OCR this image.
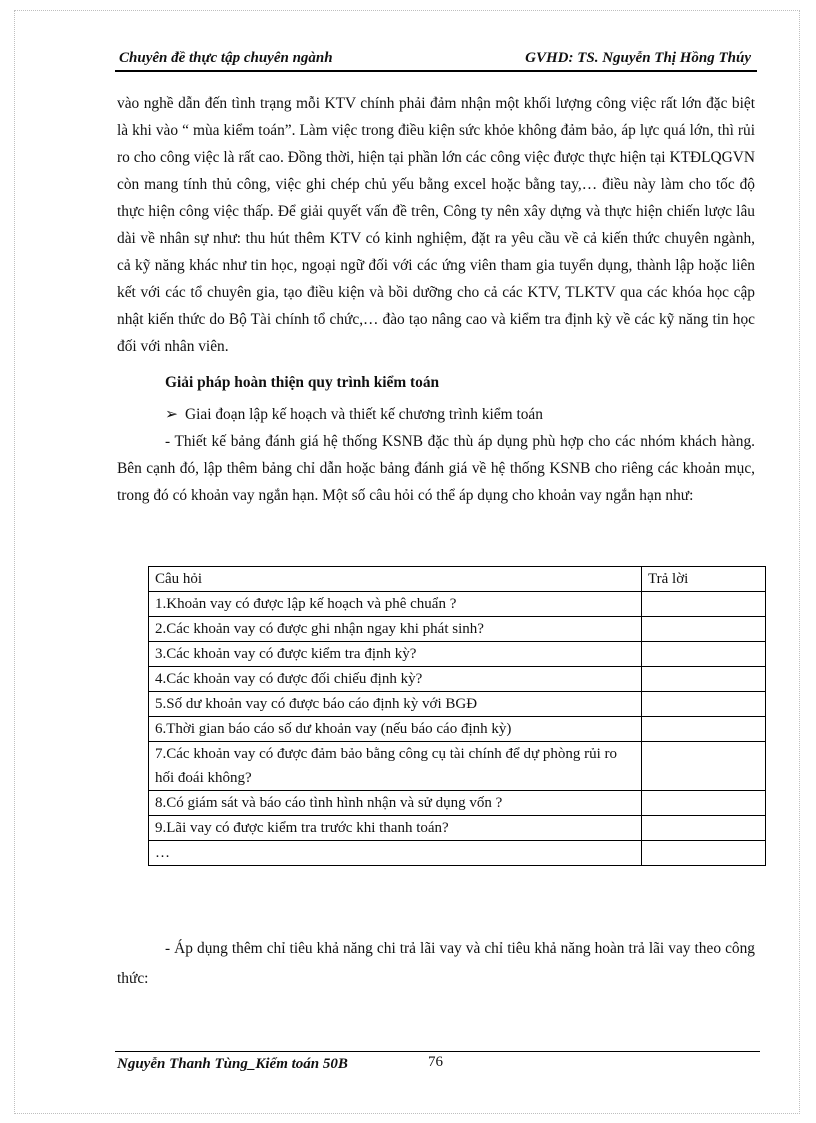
Chuyên đề thực tập chuyên ngành	GVHD: TS. Nguyễn Thị Hồng Thúy

vào nghề dẫn đến tình trạng mỗi KTV chính phải đảm nhận một khối lượng công việc rất lớn đặc biệt là khi vào “ mùa kiểm toán”. Làm việc trong điều kiện sức khỏe không đảm bảo, áp lực quá lớn, thì rủi ro cho công việc là rất cao. Đồng thời, hiện tại phần lớn các công việc được thực hiện tại KTĐLQGVN còn mang tính thủ công, việc ghi chép chủ yếu bằng excel hoặc bằng tay,… điều này làm cho tốc độ thực hiện công việc thấp. Để giải quyết vấn đề trên, Công ty nên xây dựng và thực hiện chiến lược lâu dài về nhân sự như: thu hút thêm KTV có kinh nghiệm, đặt ra yêu cầu về cả kiến thức chuyên ngành, cả kỹ năng khác như tin học, ngoại ngữ đối với các ứng viên tham gia tuyển dụng, thành lập hoặc liên kết với các tổ chuyên gia, tạo điều kiện và bồi dưỡng cho cả các KTV, TLKTV qua các khóa học cập nhật kiến thức do Bộ Tài chính tổ chức,… đào tạo nâng cao và kiểm tra định kỳ về các kỹ năng tin học đối với nhân viên.

Giải pháp hoàn thiện quy trình kiểm toán

➢ Giai đoạn lập kế hoạch và thiết kế chương trình kiểm toán

- Thiết kế bảng đánh giá hệ thống KSNB đặc thù áp dụng phù hợp cho các nhóm khách hàng. Bên cạnh đó, lập thêm bảng chỉ dẫn hoặc bảng đánh giá về hệ thống KSNB cho riêng các khoản mục, trong đó có khoản vay ngắn hạn. Một số câu hỏi có thể áp dụng cho khoản vay ngắn hạn như:

Câu hỏi	Trả lời
1.Khoản vay có được lập kế hoạch và phê chuẩn ?	
2.Các khoản vay có được ghi nhận ngay khi phát sinh?	
3.Các khoản vay có được kiểm tra định kỳ?	
4.Các khoản vay có được đối chiếu định kỳ?	
5.Số dư khoản vay có được báo cáo định kỳ với BGĐ	
6.Thời gian báo cáo số dư khoản vay (nếu báo cáo định kỳ)	
7.Các khoản vay có được đảm bảo bằng công cụ tài chính để dự phòng rủi ro hối đoái không?	
8.Có giám sát và báo cáo tình hình nhận và sử dụng vốn ?	
9.Lãi vay có được kiểm tra trước khi thanh toán?	
…	

- Áp dụng thêm chỉ tiêu khả năng chi trả lãi vay và chỉ tiêu khả năng hoàn trả lãi vay theo công thức:

Nguyễn Thanh Tùng_Kiểm toán 50B	76
